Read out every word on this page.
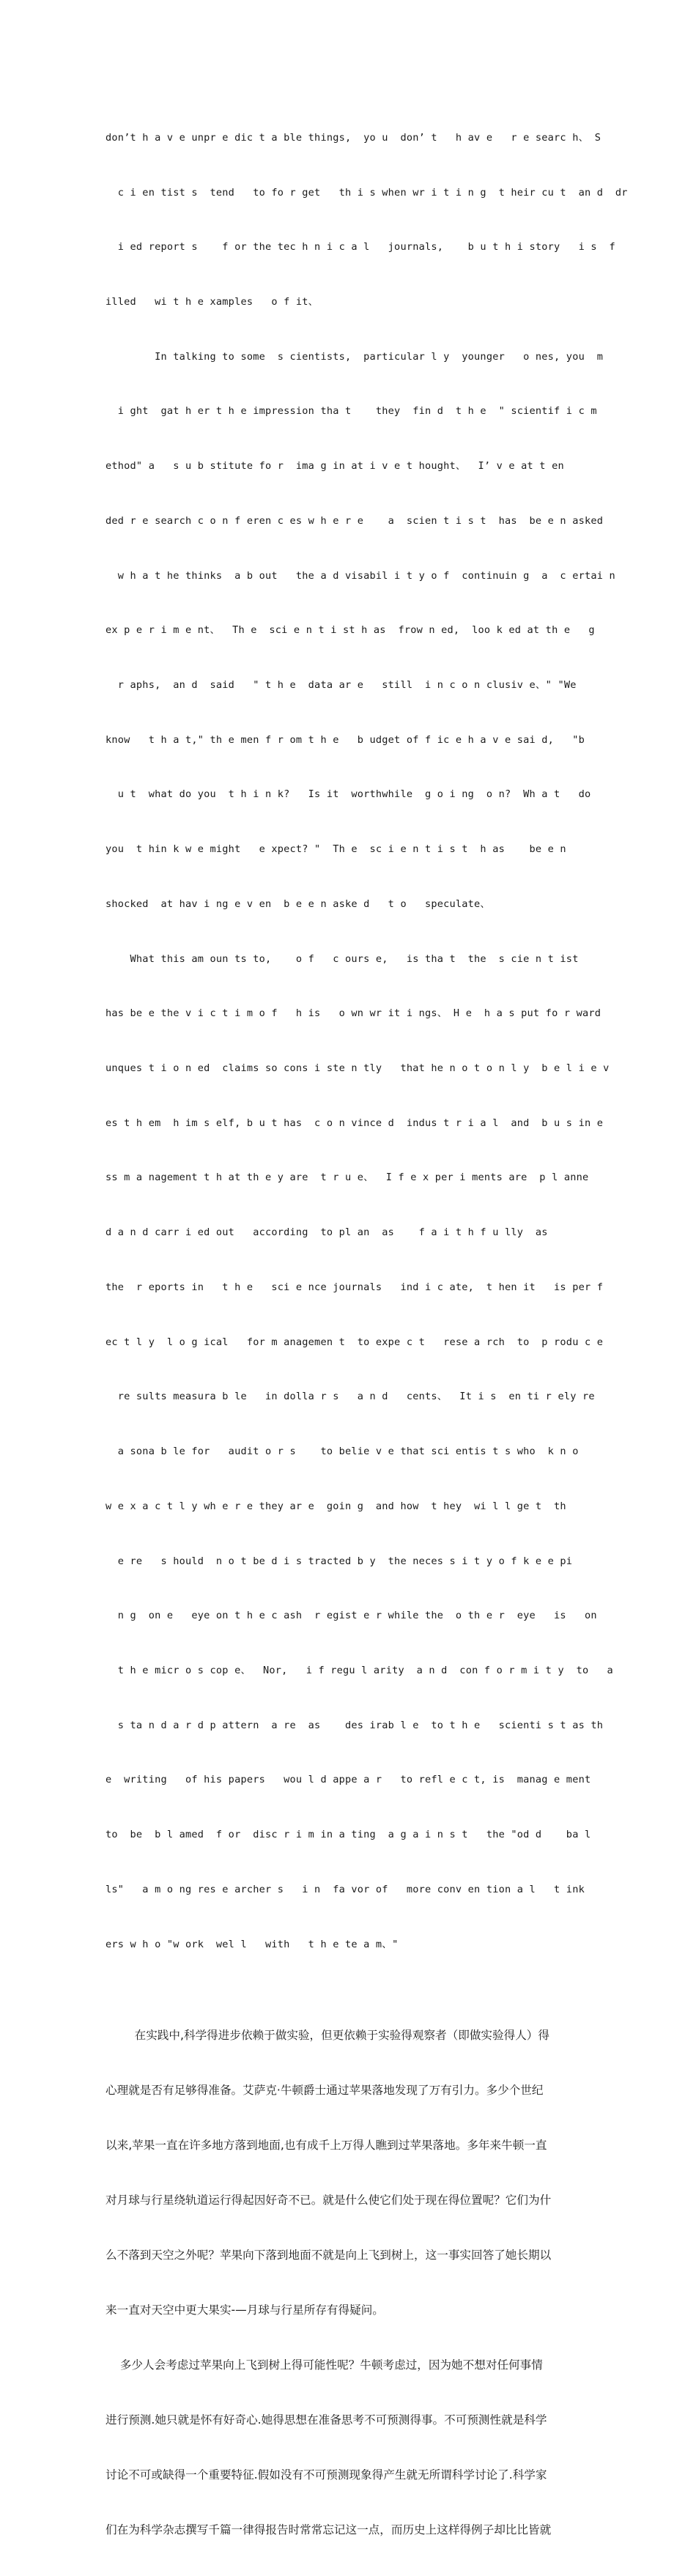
don’t h a v e unpr e dic t a ble things,  yo u  don’ t   h av e   r e searc h、 S

c i en tist s  tend   to fo r get   th i s when wr i t i n g  t heir cu t  an d  dr

i ed report s    f or the tec h n i c a l   journals,    b u t h i story   i s  f

illed   wi t h e xamples   o f it、

In talking to some  s cientists,  particular l y  younger   o nes, you  m

i ght  gat h er t h e impression tha t    they  fin d  t h e  " scientif i c m

ethod" a   s u b stitute fo r  ima g in at i v e t hought、  I’ v e at t en

ded r e search c o n f eren c es w h e r e    a  scien t i s t  has  be e n asked

w h a t he thinks  a b out   the a d visabil i t y o f  continuin g  a  c ertai n

ex p e r i m e nt、  Th e  sci e n t i st h as  frow n ed,  loo k ed at th e   g

r aphs,  an d  said   " t h e  data ar e   still  i n c o n clusiv e、" "We

know   t h a t," th e men f r om t h e   b udget of f ic e h a v e sai d,   "b

u t  what do you  t h i n k?   Is it  worthwhile  g o i ng  o n?  Wh a t   do

you  t hin k w e might   e xpect? "  Th e  sc i e n t i s t  h as    be e n

shocked  at hav i ng e v en  b e e n aske d   t o   speculate、

What this am oun ts to,    o f   c ours e,   is tha t  the  s cie n t ist

has be e the v i c t i m o f   h is   o wn wr it i ngs、 H e  h a s put fo r ward

unques t i o n ed  claims so cons i ste n tly   that he n o t o n l y  b e l i e v

es t h em  h im s elf, b u t has  c o n vince d  indus t r i a l  and  b u s in e

ss m a nagement t h at th e y are  t r u e、  I f e x per i ments are  p l anne

d a n d carr i ed out   according  to pl an  as    f a i t h f u lly  as

the  r eports in   t h e   sci e nce journals   ind i c ate,  t hen it   is per f

ec t l y  l o g ical   for m anagemen t  to expe c t   rese a rch  to  p rodu c e

re sults measura b le   in dolla r s   a n d   cents、  It i s  en ti r ely re

a sona b le for   audit o r s    to belie v e that sci entis t s who  k n o

w e x a c t l y wh e r e they ar e  goin g  and how  t hey  wi l l ge t  th

e re   s hould  n o t be d i s tracted b y  the neces s i t y o f k e e pi

n g  on e   eye on t h e c ash  r egist e r while the  o th e r  eye   is   on

t h e micr o s cop e、  Nor,   i f regu l arity  a n d  con f o r m i t y  to   a

s ta n d a r d p attern  a re  as    des irab l e  to t h e   scienti s t as th

e  writing   of his papers   wou l d appe a r   to refl e c t, is  manag e ment

to  be  b l amed  f or  disc r i m in a ting  a g a i n s t   the "od d    ba l

ls"   a m o ng res e archer s   i n  fa vor of   more conv en tion a l   t ink

ers w h o "w ork  wel l   with   t h e te a m、"

在实践中,科学得进步依赖于做实验，但更依赖于实验得观察者（即做实验得人）得

心理就是否有足够得准备。艾萨克·牛顿爵士通过苹果落地发现了万有引力。多少个世纪

以来,苹果一直在许多地方落到地面,也有成千上万得人瞧到过苹果落地。多年来牛顿一直

对月球与行星绕轨道运行得起因好奇不已。就是什么使它们处于现在得位置呢？它们为什

么不落到天空之外呢？苹果向下落到地面不就是向上飞到树上，这一事实回答了她长期以

来一直对天空中更大果实-—月球与行星所存有得疑问。

多少人会考虑过苹果向上飞到树上得可能性呢？牛顿考虑过，因为她不想对任何事情

进行预测.她只就是怀有好奇心.她得思想在准备思考不可预测得事。不可预测性就是科学

讨论不可或缺得一个重要特征.假如没有不可预测现象得产生就无所谓科学讨论了.科学家

们在为科学杂志撰写千篇一律得报告时常常忘记这一点，而历史上这样得例子却比比皆就
